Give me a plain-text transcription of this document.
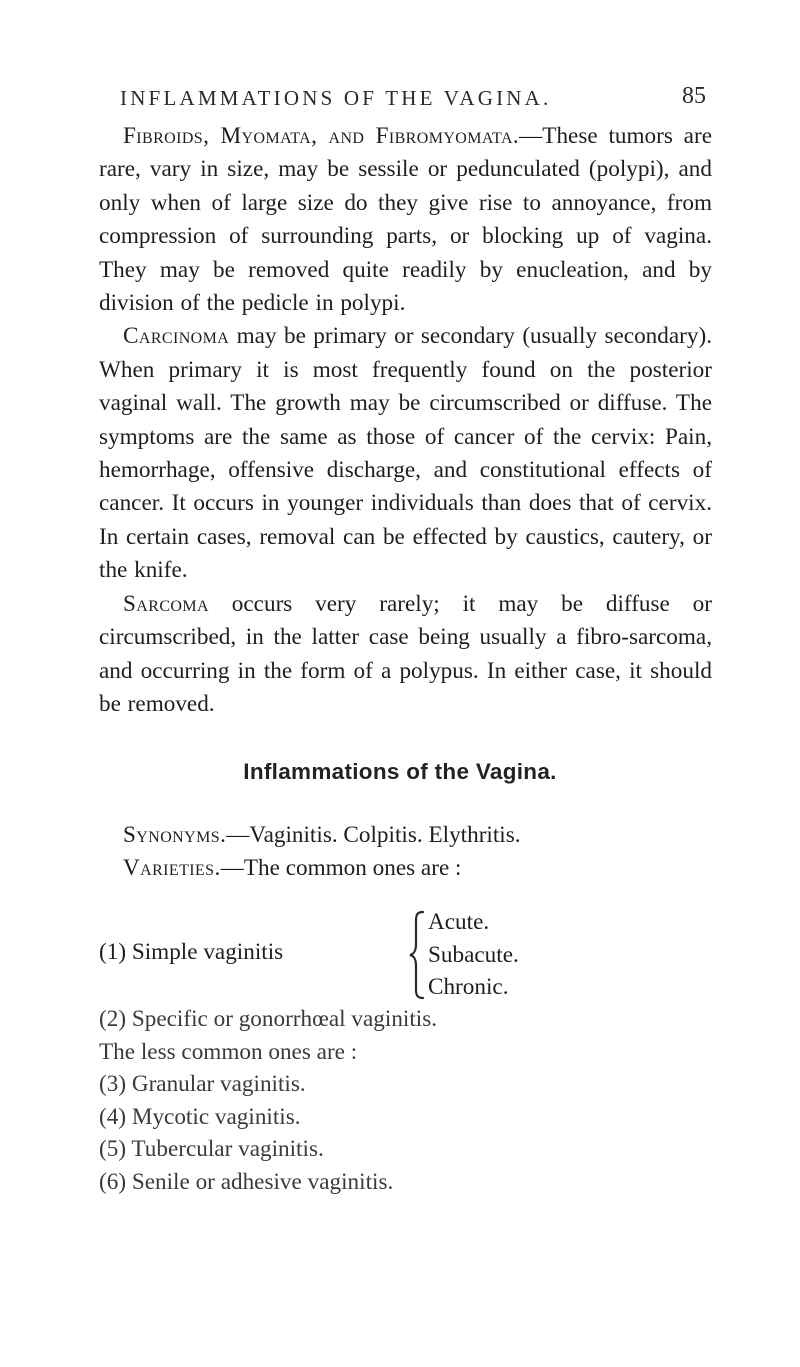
INFLAMMATIONS OF THE VAGINA.	85

Fibroids, Myomata, and Fibromyomata.—These tumors are rare, vary in size, may be sessile or pedunculated (polypi), and only when of large size do they give rise to annoyance, from compression of surrounding parts, or blocking up of vagina. They may be removed quite readily by enucleation, and by division of the pedicle in polypi.

Carcinoma may be primary or secondary (usually secondary). When primary it is most frequently found on the posterior vaginal wall. The growth may be circumscribed or diffuse. The symptoms are the same as those of cancer of the cervix: Pain, hemorrhage, offensive discharge, and constitutional effects of cancer. It occurs in younger individuals than does that of cervix. In certain cases, removal can be effected by caustics, cautery, or the knife.

Sarcoma occurs very rarely; it may be diffuse or circumscribed, in the latter case being usually a fibro-sarcoma, and occurring in the form of a polypus. In either case, it should be removed.

Inflammations of the Vagina.
Synonyms.—Vaginitis. Colpitis. Elythritis.
Varieties.—The common ones are :
(1) Simple vaginitis
Acute.
Subacute.
Chronic.
(2) Specific or gonorrhœal vaginitis.
The less common ones are :
(3) Granular vaginitis.
(4) Mycotic vaginitis.
(5) Tubercular vaginitis.
(6) Senile or adhesive vaginitis.
